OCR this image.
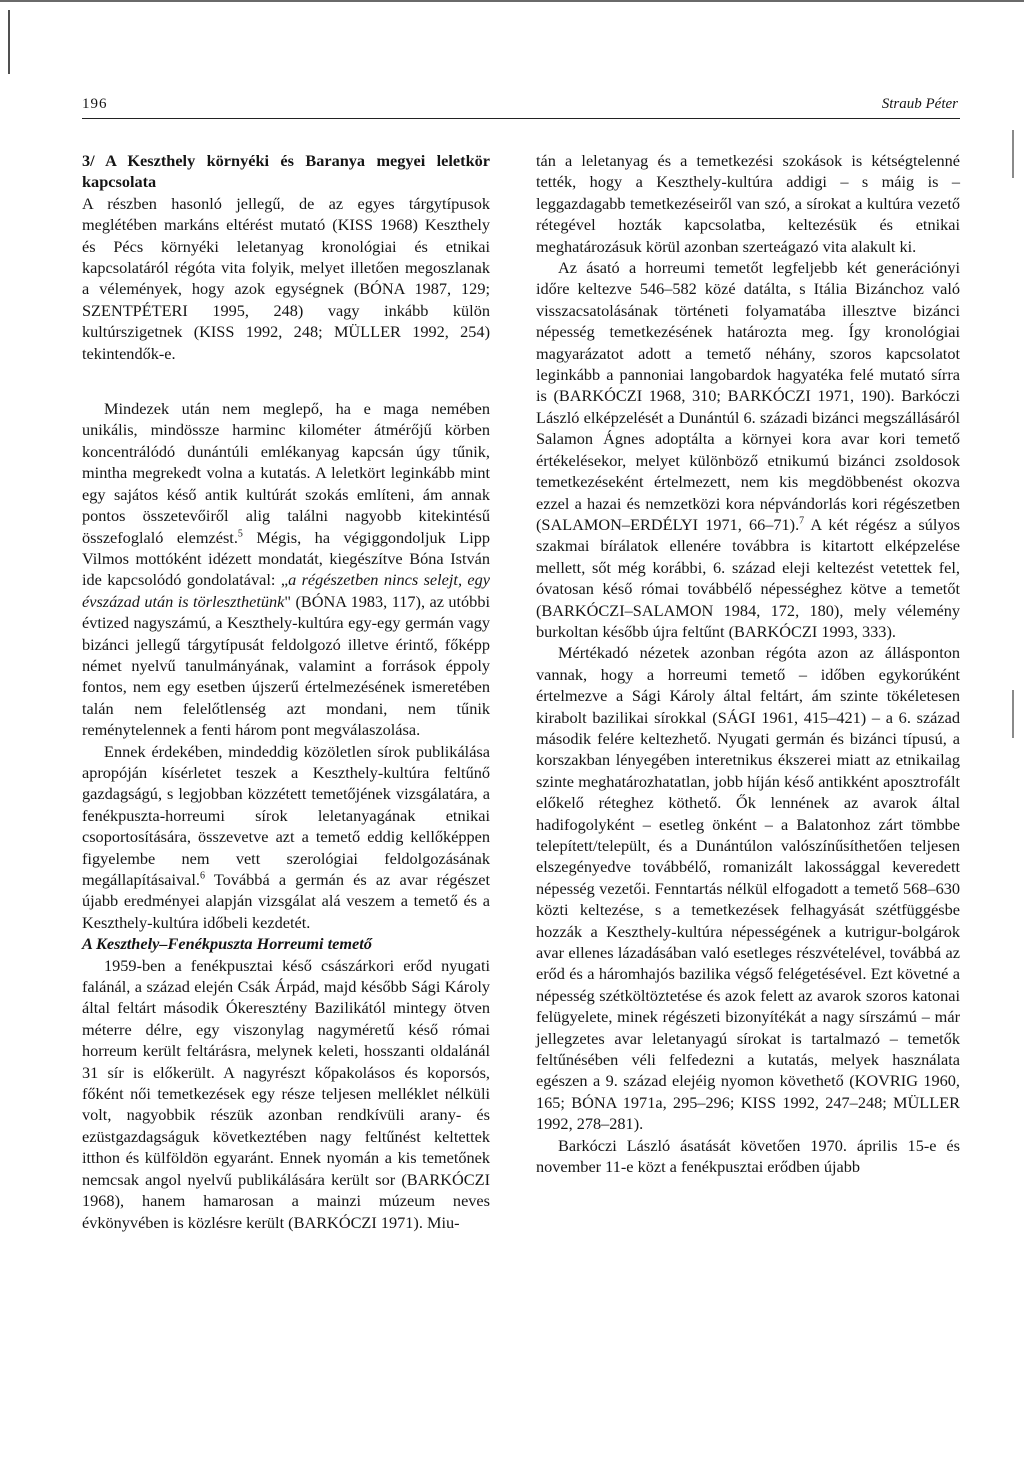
196	Straub Péter

3/ A Keszthely környéki és Baranya megyei leletkör kapcsolata

A részben hasonló jellegű, de az egyes tárgytípusok meglétében markáns eltérést mutató (KISS 1968) Keszthely és Pécs környéki leletanyag kronológiai és etnikai kapcsolatáról régóta vita folyik, melyet illetően megoszlanak a vélemények, hogy azok egységnek (BÓNA 1987, 129; SZENTPÉTERI 1995, 248) vagy inkább külön kultúrszigetnek (KISS 1992, 248; MÜLLER 1992, 254) tekintendők-e.

Mindezek után nem meglepő, ha e maga nemében unikális, mindössze harminc kilométer átmérőjű körben koncentrálódó dunántúli emlékanyag kapcsán úgy tűnik, mintha megrekedt volna a kutatás. A leletkört leginkább mint egy sajátos késő antik kultúrát szokás említeni, ám annak pontos összetevőiről alig találni nagyobb kitekintésű összefoglaló elemzést.$^5$ Mégis, ha végiggondoljuk Lipp Vilmos mottóként idézett mondatát, kiegészítve Bóna István ide kapcsolódó gondolatával: „a régészetben nincs selejt, egy évszázad után is törleszthetünk" (BÓNA 1983, 117), az utóbbi évtized nagyszámú, a Keszthely-kultúra egy-egy germán vagy bizánci jellegű tárgytípusát feldolgozó illetve érintő, főképp német nyelvű tanulmányának, valamint a források éppoly fontos, nem egy esetben újszerű értelmezésének ismeretében talán nem felelőtlenség azt mondani, nem tűnik reménytelennek a fenti három pont megválaszolása.

Ennek érdekében, mindeddig közöletlen sírok publikálása apropóján kísérletet teszek a Keszthely-kultúra feltűnő gazdagságú, s legjobban közzétett temetőjének vizsgálatára, a fenékpuszta-horreumi sírok leletanyagának etnikai csoportosítására, összevetve azt a temető eddig kellőképpen figyelembe nem vett szerológiai feldolgozásának megállapításaival.$^6$ Továbbá a germán és az avar régészet újabb eredményei alapján vizsgálat alá veszem a temető és a Keszthely-kultúra időbeli kezdetét.

A Keszthely–Fenékpuszta Horreumi temető

1959-ben a fenékpusztai késő császárkori erőd nyugati falánál, a század elején Csák Árpád, majd később Sági Károly által feltárt második Ókeresztény Bazilikától mintegy ötven méterre délre, egy viszonylag nagyméretű késő római horreum került feltárásra, melynek keleti, hosszanti oldalánál 31 sír is előkerült. A nagyrészt kőpakolásos és koporsós, főként női temetkezések egy része teljesen melléklet nélküli volt, nagyobbik részük azonban rendkívüli arany- és ezüstgazdagságuk következtében nagy feltűnést keltettek itthon és külföldön egyaránt. Ennek nyomán a kis temetőnek nemcsak angol nyelvű publikálására került sor (BARKÓCZI 1968), hanem hamarosan a mainzi múzeum neves évkönyvében is közlésre került (BARKÓCZI 1971). Miu-

tán a leletanyag és a temetkezési szokások is kétségtelenné tették, hogy a Keszthely-kultúra addigi – s máig is – leggazdagabb temetkezéseiről van szó, a sírokat a kultúra vezető rétegével hozták kapcsolatba, keltezésük és etnikai meghatározásuk körül azonban szerteágazó vita alakult ki.

Az ásató a horreumi temetőt legfeljebb két generációnyi időre keltezve 546–582 közé datálta, s Itália Bizánchoz való visszacsatolásának történeti folyamatába illesztve bizánci népesség temetkezésének határozta meg. Így kronológiai magyarázatot adott a temető néhány, szoros kapcsolatot leginkább a pannoniai langobardok hagyatéka felé mutató sírra is (BARKÓCZI 1968, 310; BARKÓCZI 1971, 190). Barkóczi László elképzelését a Dunántúl 6. századi bizánci megszállásáról Salamon Ágnes adoptálta a környei kora avar kori temető értékelésekor, melyet különböző etnikumú bizánci zsoldosok temetkezéseként értelmezett, nem kis megdöbbenést okozva ezzel a hazai és nemzetközi kora népvándorlás kori régészetben (SALAMON–ERDÉLYI 1971, 66–71).$^7$ A két régész a súlyos szakmai bírálatok ellenére továbbra is kitartott elképzelése mellett, sőt még korábbi, 6. század eleji keltezést vetettek fel, óvatosan késő római továbbélő népességhez kötve a temetőt (BARKÓCZI–SALAMON 1984, 172, 180), mely vélemény burkoltan később újra feltűnt (BARKÓCZI 1993, 333).

Mértékadó nézetek azonban régóta azon az állásponton vannak, hogy a horreumi temető – időben egykorúként értelmezve a Sági Károly által feltárt, ám szinte tökéletesen kirabolt bazilikai sírokkal (SÁGI 1961, 415–421) – a 6. század második felére keltezhető. Nyugati germán és bizánci típusú, a korszakban lényegében interetnikus ékszerei miatt az etnikailag szinte meghatározhatatlan, jobb híján késő antikként aposztrofált előkelő réteghez köthető. Ők lennének az avarok által hadifogolyként – esetleg önként – a Balatonhoz zárt tömbbe telepített/települt, és a Dunántúlon valószínűsíthetően teljesen elszegényedve továbbélő, romanizált lakossággal keveredett népesség vezetői. Fenntartás nélkül elfogadott a temető 568–630 közti keltezése, s a temetkezések felhagyását szétfüggésbe hozzák a Keszthely-kultúra népességének a kutrigur-bolgárok avar ellenes lázadásában való esetleges részvételével, továbbá az erőd és a háromhajós bazilika végső felégetésével. Ezt követné a népesség szétköltöztetése és azok felett az avarok szoros katonai felügyelete, minek régészeti bizonyítékát a nagy sírszámú – már jellegzetes avar leletanyagú sírokat is tartalmazó – temetők feltűnésében véli felfedezni a kutatás, melyek használata egészen a 9. század elejéig nyomon követhető (KOVRIG 1960, 165; BÓNA 1971a, 295–296; KISS 1992, 247–248; MÜLLER 1992, 278–281).

Barkóczi László ásatását követően 1970. április 15-e és november 11-e közt a fenékpusztai erődben újabb
